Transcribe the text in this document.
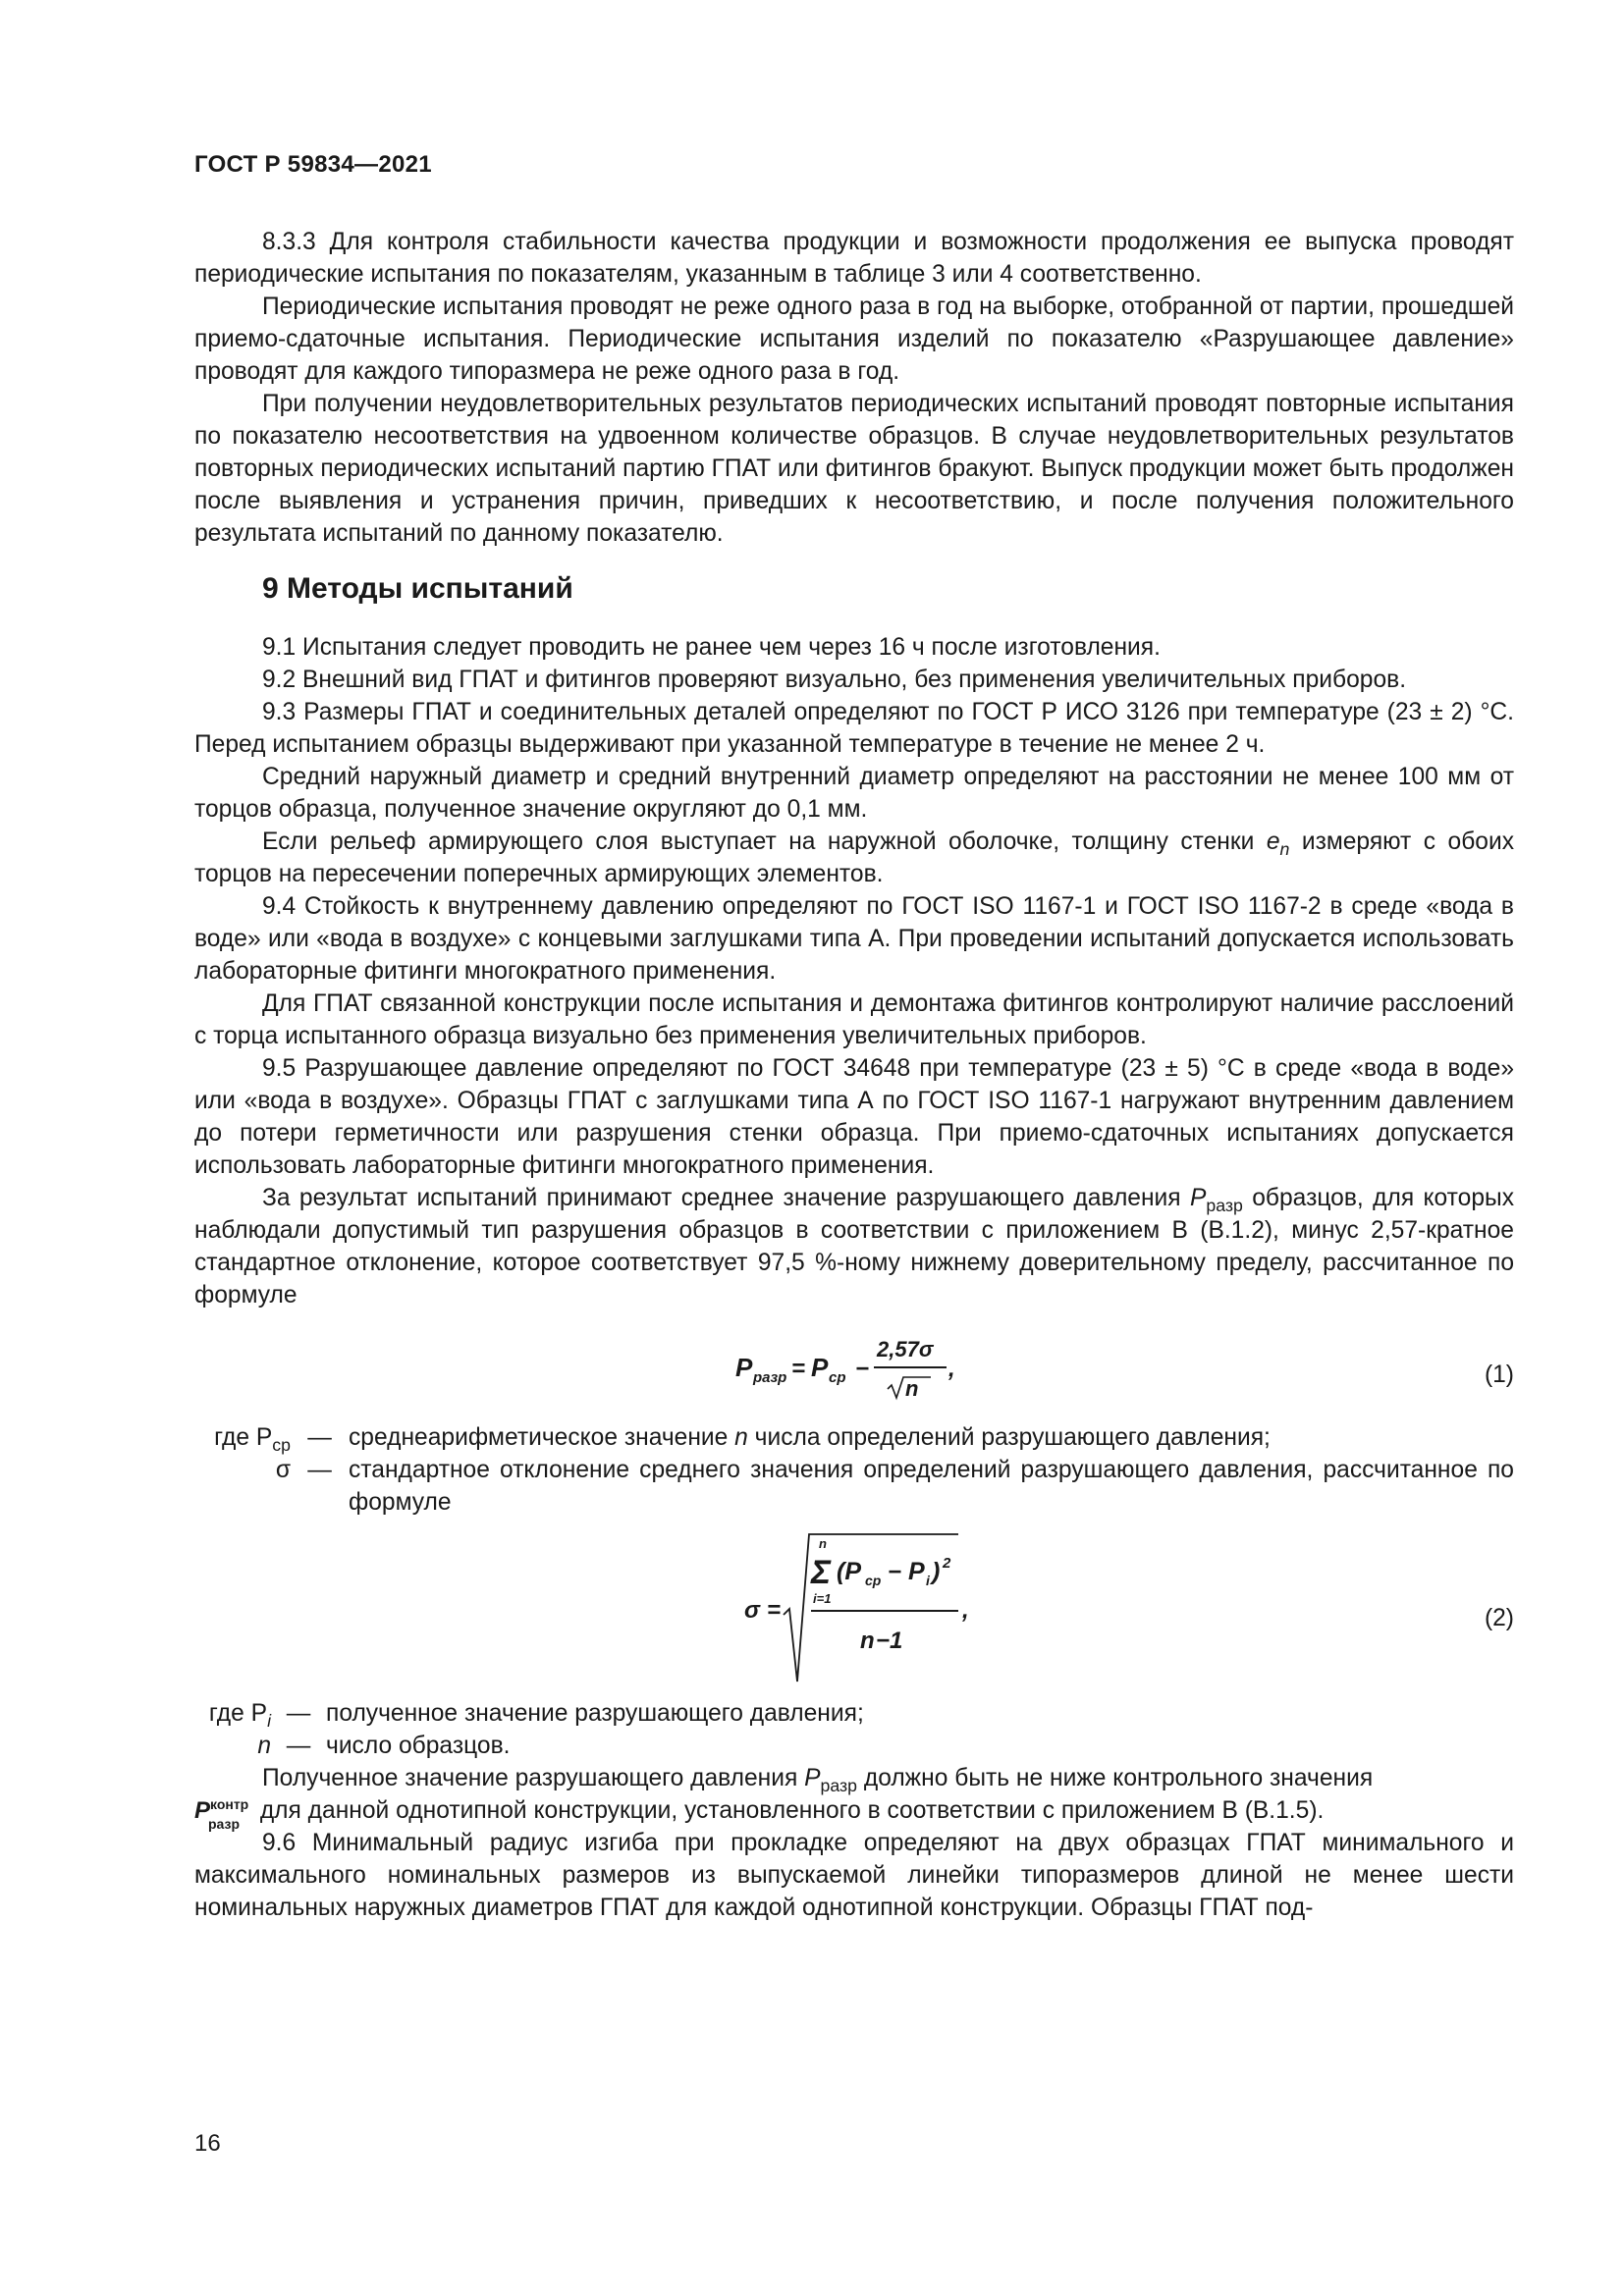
ГОСТ Р 59834—2021

8.3.3 Для контроля стабильности качества продукции и возможности продолжения ее выпуска проводят периодические испытания по показателям, указанным в таблице 3 или 4 соответственно.

Периодические испытания проводят не реже одного раза в год на выборке, отобранной от партии, прошедшей приемо-сдаточные испытания. Периодические испытания изделий по показателю «Разрушающее давление» проводят для каждого типоразмера не реже одного раза в год.

При получении неудовлетворительных результатов периодических испытаний проводят повторные испытания по показателю несоответствия на удвоенном количестве образцов. В случае неудовлетворительных результатов повторных периодических испытаний партию ГПАТ или фитингов бракуют. Выпуск продукции может быть продолжен после выявления и устранения причин, приведших к несоответствию, и после получения положительного результата испытаний по данному показателю.

9 Методы испытаний

9.1 Испытания следует проводить не ранее чем через 16 ч после изготовления.

9.2 Внешний вид ГПАТ и фитингов проверяют визуально, без применения увеличительных приборов.

9.3 Размеры ГПАТ и соединительных деталей определяют по ГОСТ Р ИСО 3126 при температуре (23 ± 2) °С. Перед испытанием образцы выдерживают при указанной температуре в течение не менее 2 ч.

Средний наружный диаметр и средний внутренний диаметр определяют на расстоянии не менее 100 мм от торцов образца, полученное значение округляют до 0,1 мм.

Если рельеф армирующего слоя выступает на наружной оболочке, толщину стенки $e_n$ измеряют с обоих торцов на пересечении поперечных армирующих элементов.

9.4 Стойкость к внутреннему давлению определяют по ГОСТ ISO 1167-1 и ГОСТ ISO 1167-2 в среде «вода в воде» или «вода в воздухе» с концевыми заглушками типа А. При проведении испытаний допускается использовать лабораторные фитинги многократного применения.

Для ГПАТ связанной конструкции после испытания и демонтажа фитингов контролируют наличие расслоений с торца испытанного образца визуально без применения увеличительных приборов.

9.5 Разрушающее давление определяют по ГОСТ 34648 при температуре (23 ± 5) °С в среде «вода в воде» или «вода в воздухе». Образцы ГПАТ с заглушками типа А по ГОСТ ISO 1167-1 нагружают внутренним давлением до потери герметичности или разрушения стенки образца. При приемо-сдаточных испытаниях допускается использовать лабораторные фитинги многократного применения.

За результат испытаний принимают среднее значение разрушающего давления $P_{разр}$ образцов, для которых наблюдали допустимый тип разрушения образцов в соответствии с приложением В (В.1.2), минус 2,57-кратное стандартное отклонение, которое соответствует 97,5 %-ному нижнему доверительному пределу, рассчитанное по формуле

P разр = P ср −
2,57σ
n
,	(1)
где $P_{ср}$ — среднеарифметическое значение n числа определений разрушающего давления;
σ — стандартное отклонение среднего значения определений разрушающего давления, рассчитанное по формуле
σ =
n
Σ
i=1
(P ср − P i ) 2
n −1
,	(2)
где $P_i$ — полученное значение разрушающего давления;
n — число образцов.

Полученное значение разрушающего давления $P_{разр}$ должно быть не ниже контрольного значения

P контр
разр для данной однотипной конструкции, установленного в соответствии с приложением В (В.1.5).

9.6 Минимальный радиус изгиба при прокладке определяют на двух образцах ГПАТ минимального и максимального номинальных размеров из выпускаемой линейки типоразмеров длиной не менее шести номинальных наружных диаметров ГПАТ для каждой однотипной конструкции. Образцы ГПАТ под-

16
